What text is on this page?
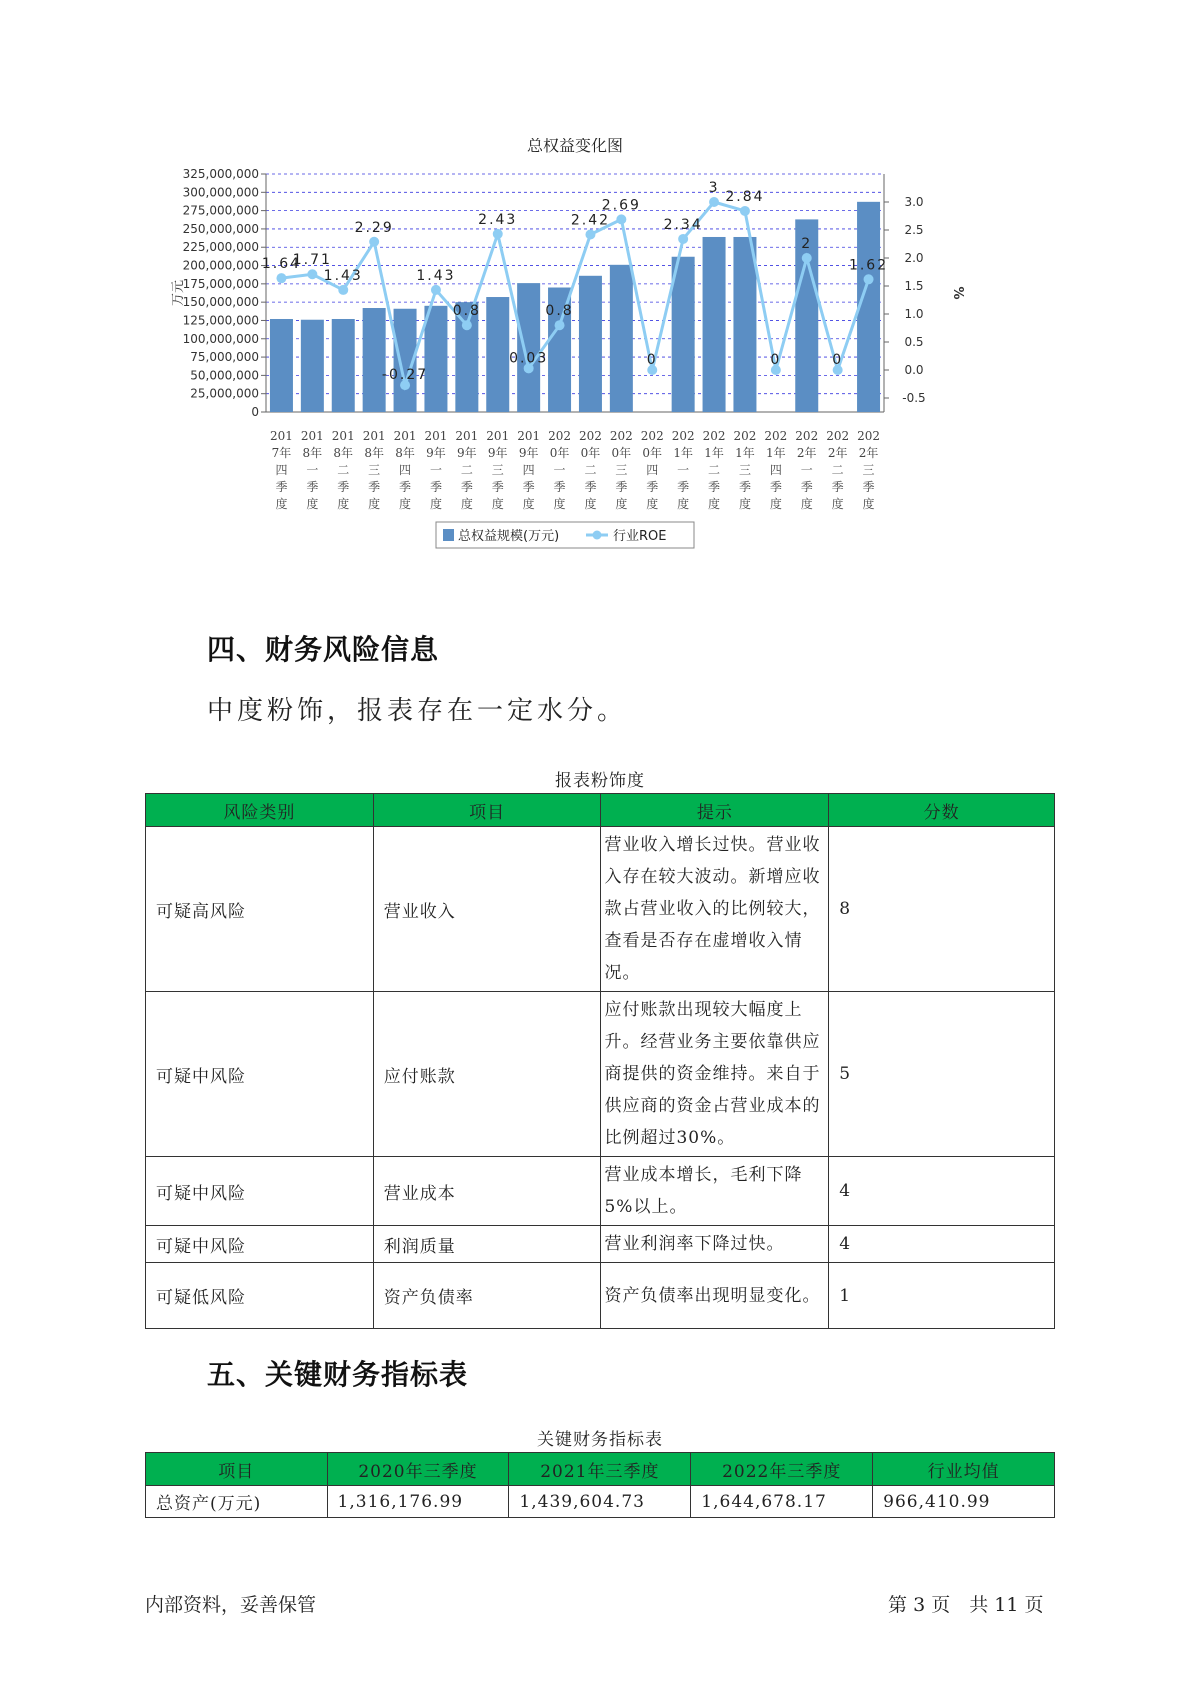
总权益变化图
0
25,000,000
50,000,000
75,000,000
100,000,000
125,000,000
150,000,000
175,000,000
200,000,000
225,000,000
250,000,000
275,000,000
300,000,000
325,000,000
-0.5
0.0
0.5
1.0
1.5
2.0
2.5
3.0
万元	%
1.64
1.71
1.43
2.29
-0.27
1.43
0.8
2.43
0.03
0.8
2.42
2.69
0
2.34
3
2.84
0
2
0
1.62
201 7年四季度
201 8年一季度
201 8年二季度
201 8年三季度
201 8年四季度
201 9年一季度
201 9年二季度
201 9年三季度
201 9年四季度
202 0年一季度
202 0年二季度
202 0年三季度
202 0年四季度
202 1年一季度
202 1年二季度
202 1年三季度
202 1年四季度
202 2年一季度
202 2年二季度
202 2年三季度
总权益规模(万元)	行业ROE
四、财务风险信息

中度粉饰，报表存在一定水分。

报表粉饰度
风险类别	项目	提示	分数
可疑高风险	营业收入	营业收入增长过快。营业收入存在较大波动。新增应收款占营业收入的比例较大，查看是否存在虚增收入情况。	8
可疑中风险	应付账款	应付账款出现较大幅度上升。经营业务主要依靠供应商提供的资金维持。来自于供应商的资金占营业成本的比例超过30%。	5
可疑中风险	营业成本	营业成本增长，毛利下降5%以上。	4
可疑中风险	利润质量	营业利润率下降过快。	4
可疑低风险	资产负债率	资产负债率出现明显变化。	1
五、关键财务指标表
关键财务指标表
项目	2020年三季度	2021年三季度	2022年三季度	行业均值
总资产(万元)	1,316,176.99	1,439,604.73	1,644,678.17	966,410.99
内部资料，妥善保管	第 3 页　共 11 页
